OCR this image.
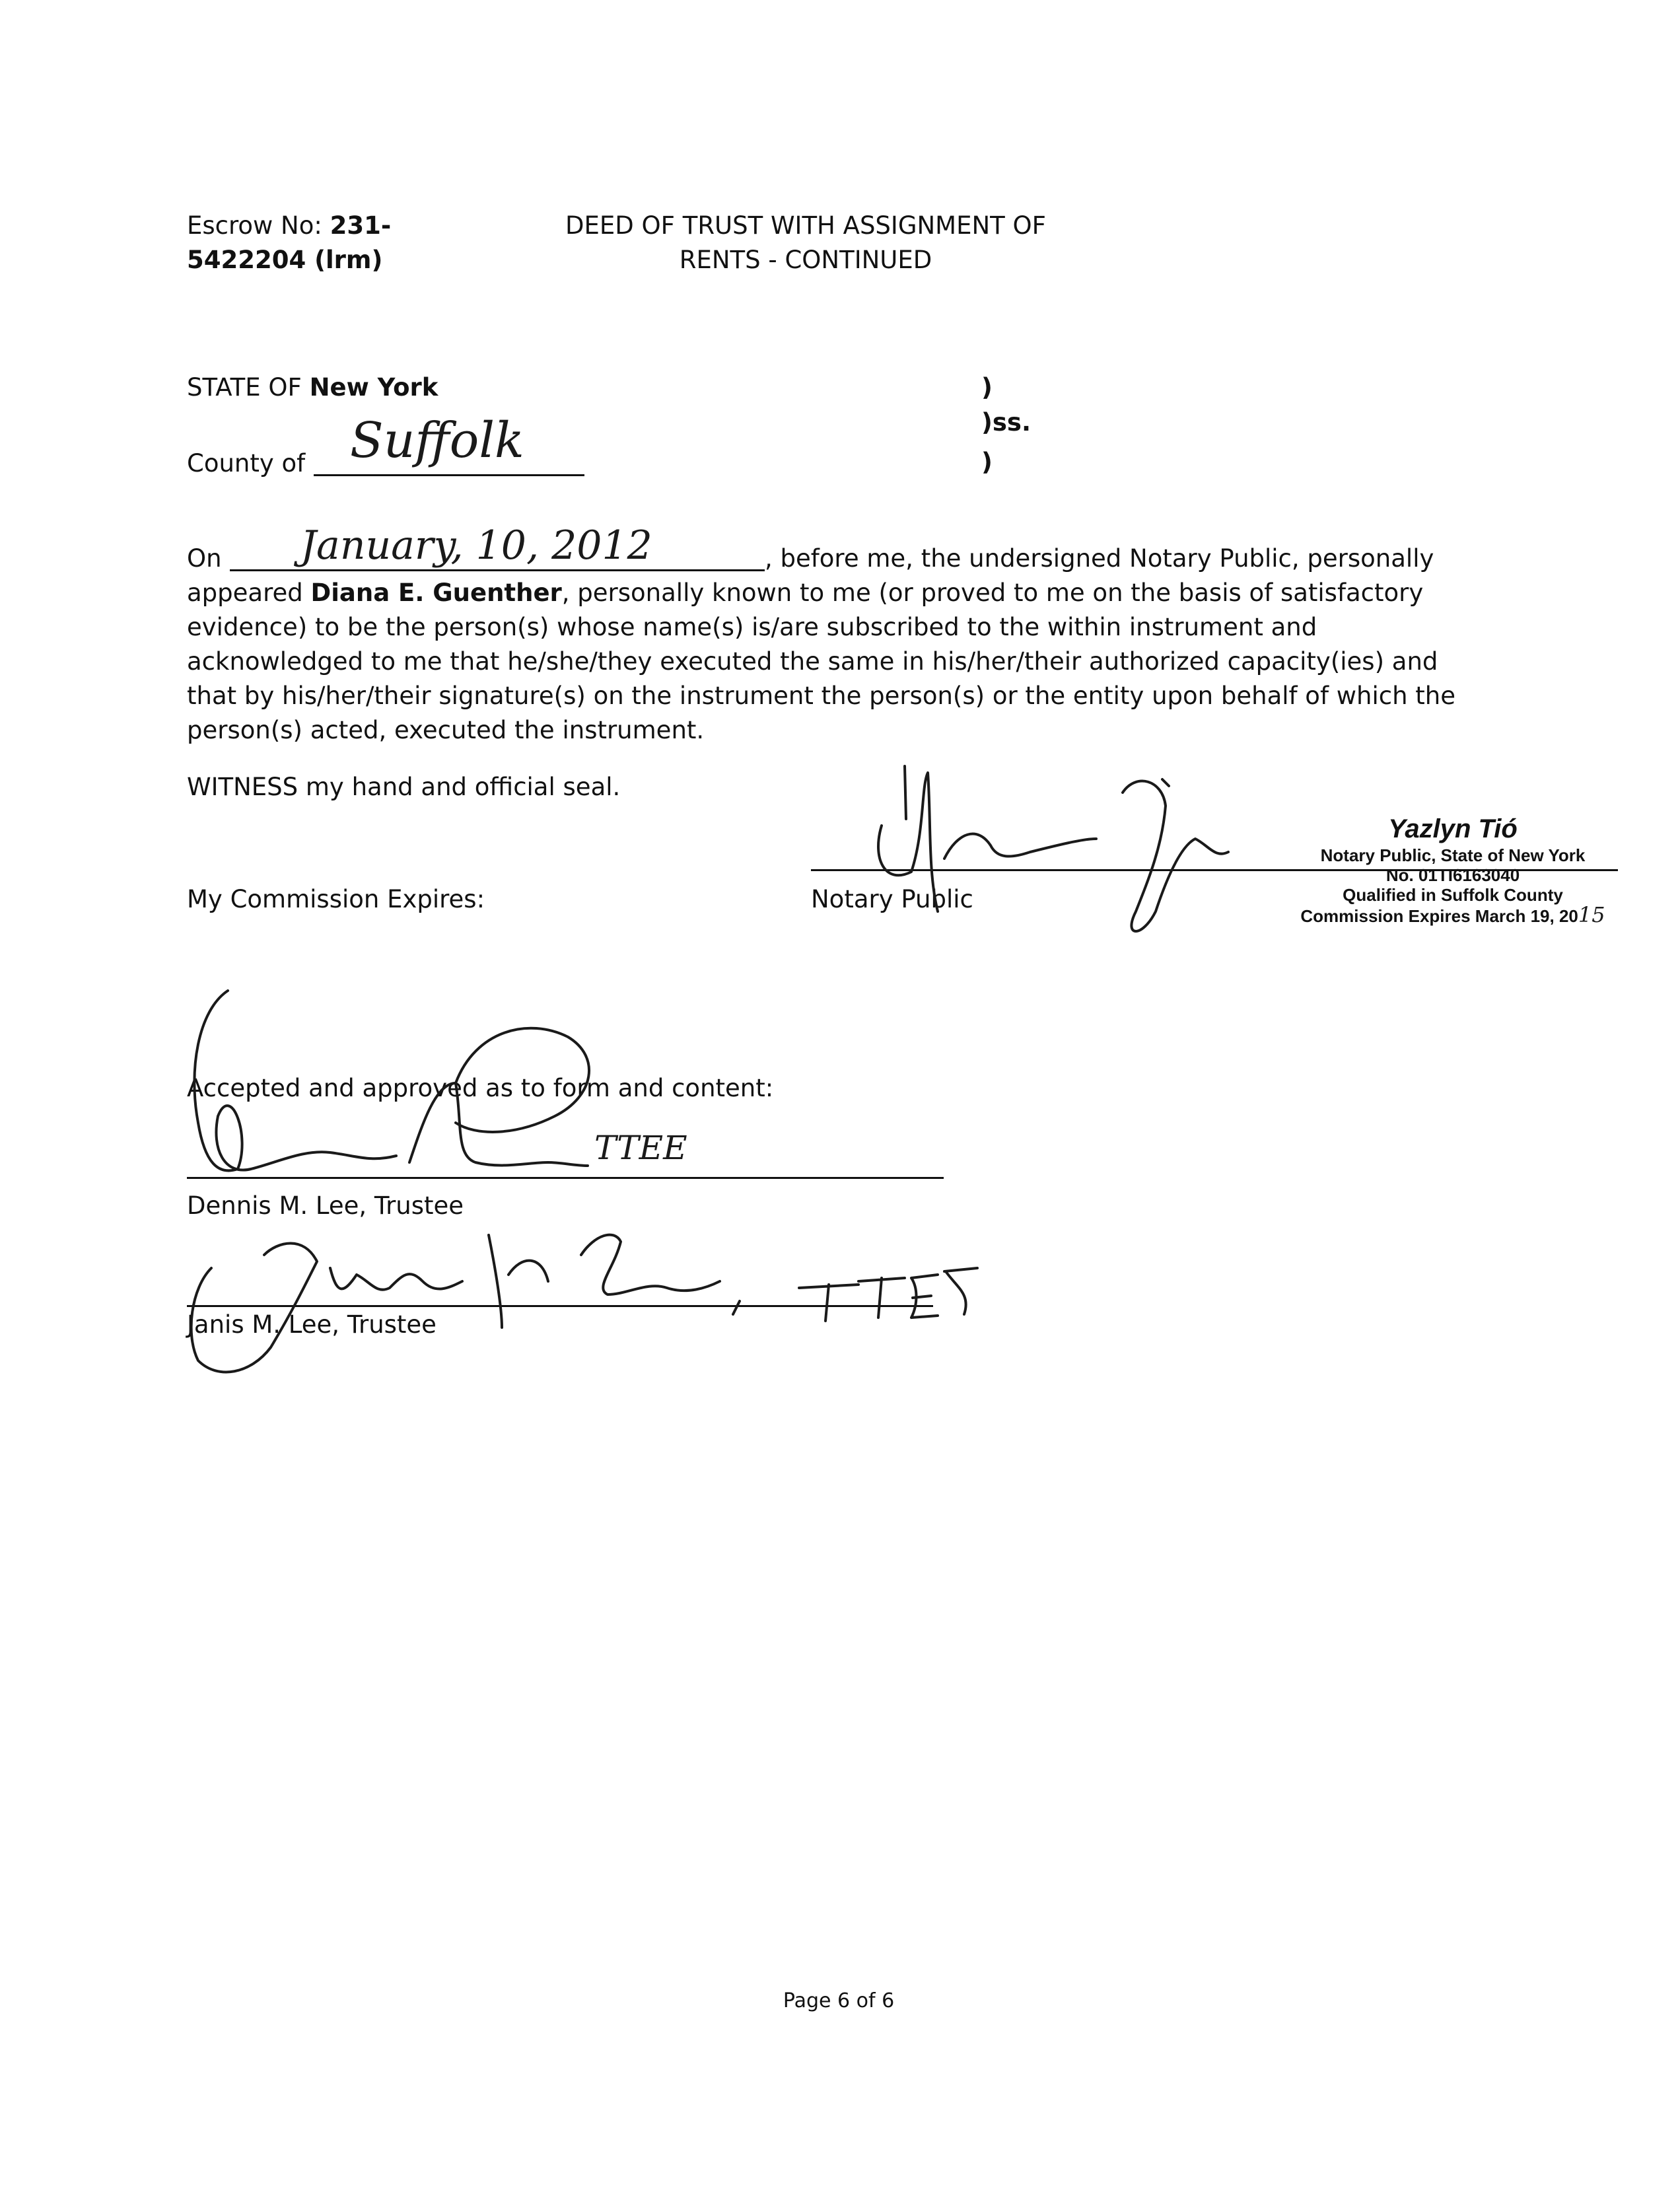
Escrow No: 231-
5422204 (lrm)
DEED OF TRUST WITH ASSIGNMENT OF
RENTS - CONTINUED
STATE OF New York
County of Suffolk
)
)ss.
)
On January, 10, 2012	, before me, the undersigned Notary Public, personally
appeared Diana E. Guenther, personally known to me (or proved to me on the basis of satisfactory
evidence) to be the person(s) whose name(s) is/are subscribed to the within instrument and
acknowledged to me that he/she/they executed the same in his/her/their authorized capacity(ies) and
that by his/her/their signature(s) on the instrument the person(s) or the entity upon behalf of which the
person(s) acted, executed the instrument.
WITNESS my hand and official seal.
My Commission Expires:	Notary Public
Yazlyn Tió
Notary Public, State of New York
No. 01TI6163040
Qualified in Suffolk County
Commission Expires March 19, 2015
Accepted and approved as to form and content:
TTEE
Dennis M. Lee, Trustee
Janis M. Lee, Trustee
Page 6 of 6
